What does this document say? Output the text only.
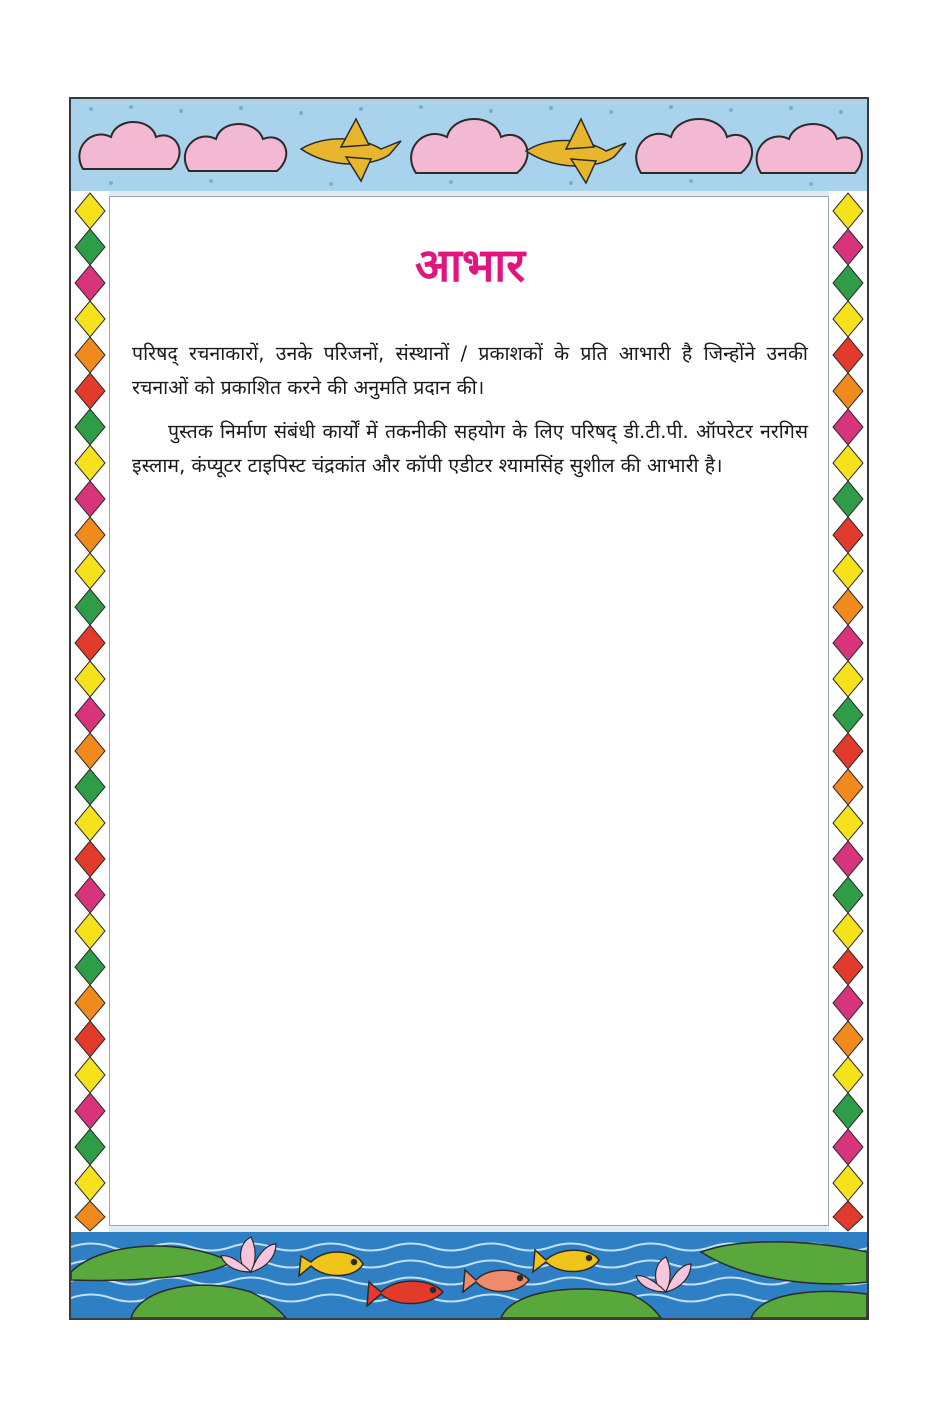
आभार

परिषद् रचनाकारों, उनके परिजनों, संस्थानों / प्रकाशकों के प्रति आभारी है जिन्होंने उनकी रचनाओं को प्रकाशित करने की अनुमति प्रदान की।

पुस्तक निर्माण संबंधी कार्यों में तकनीकी सहयोग के लिए परिषद् डी.टी.पी. ऑपरेटर नरगिस इस्लाम, कंप्यूटर टाइपिस्ट चंद्रकांत और कॉपी एडीटर श्यामसिंह सुशील की आभारी है।
